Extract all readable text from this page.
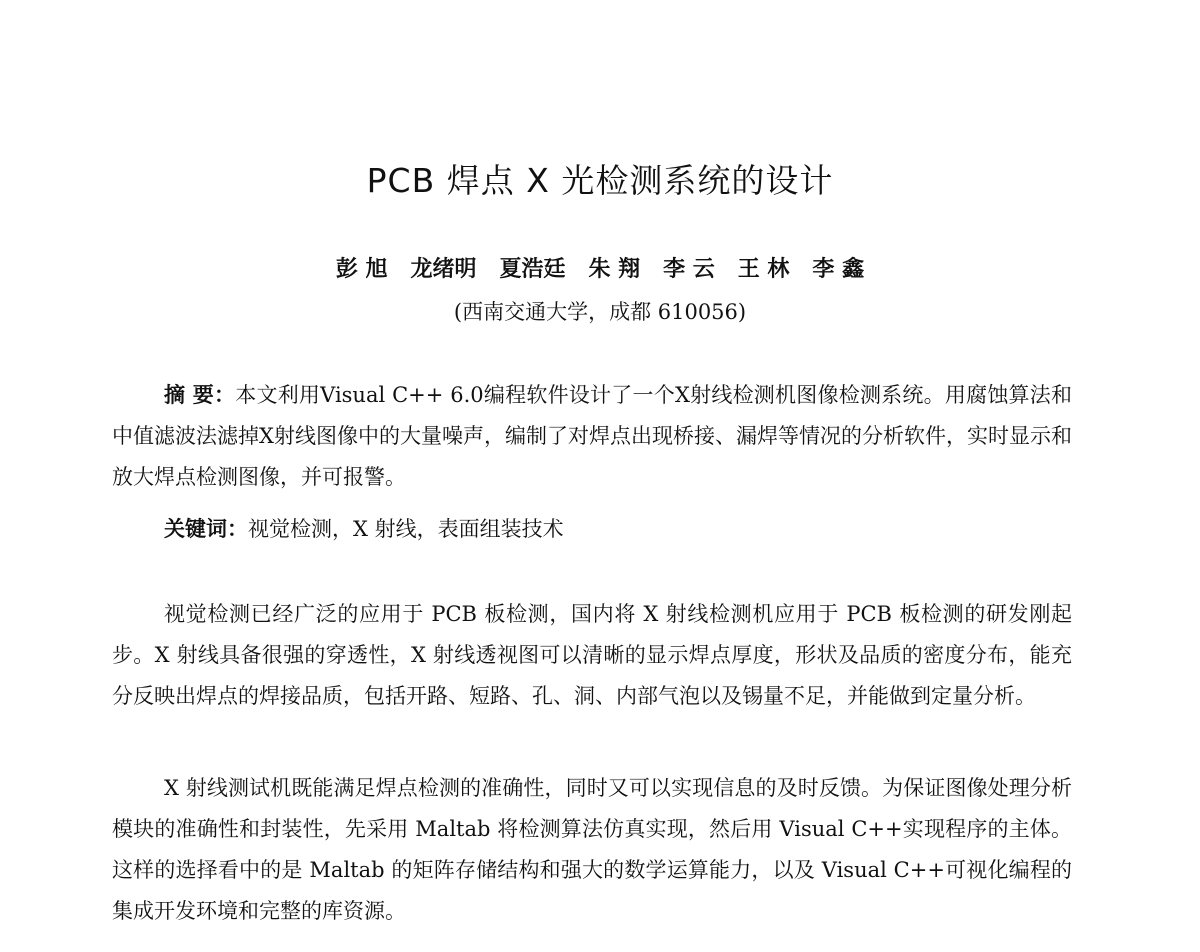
PCB 焊点 X 光检测系统的设计
彭 旭   龙绪明   夏浩廷   朱 翔   李 云   王 林   李 鑫
(西南交通大学，成都 610056)
摘 要：本文利用Visual C++ 6.0编程软件设计了一个X射线检测机图像检测系统。用腐蚀算法和中值滤波法滤掉X射线图像中的大量噪声，编制了对焊点出现桥接、漏焊等情况的分析软件，实时显示和放大焊点检测图像，并可报警。
关键词：视觉检测，X 射线，表面组装技术
视觉检测已经广泛的应用于 PCB 板检测，国内将 X 射线检测机应用于 PCB 板检测的研发刚起步。X 射线具备很强的穿透性，X 射线透视图可以清晰的显示焊点厚度，形状及品质的密度分布，能充分反映出焊点的焊接品质，包括开路、短路、孔、洞、内部气泡以及锡量不足，并能做到定量分析。
X 射线测试机既能满足焊点检测的准确性，同时又可以实现信息的及时反馈。为保证图像处理分析模块的准确性和封装性，先采用 Maltab 将检测算法仿真实现，然后用 Visual C++实现程序的主体。这样的选择看中的是 Maltab 的矩阵存储结构和强大的数学运算能力，以及 Visual C++可视化编程的集成开发环境和完整的库资源。
